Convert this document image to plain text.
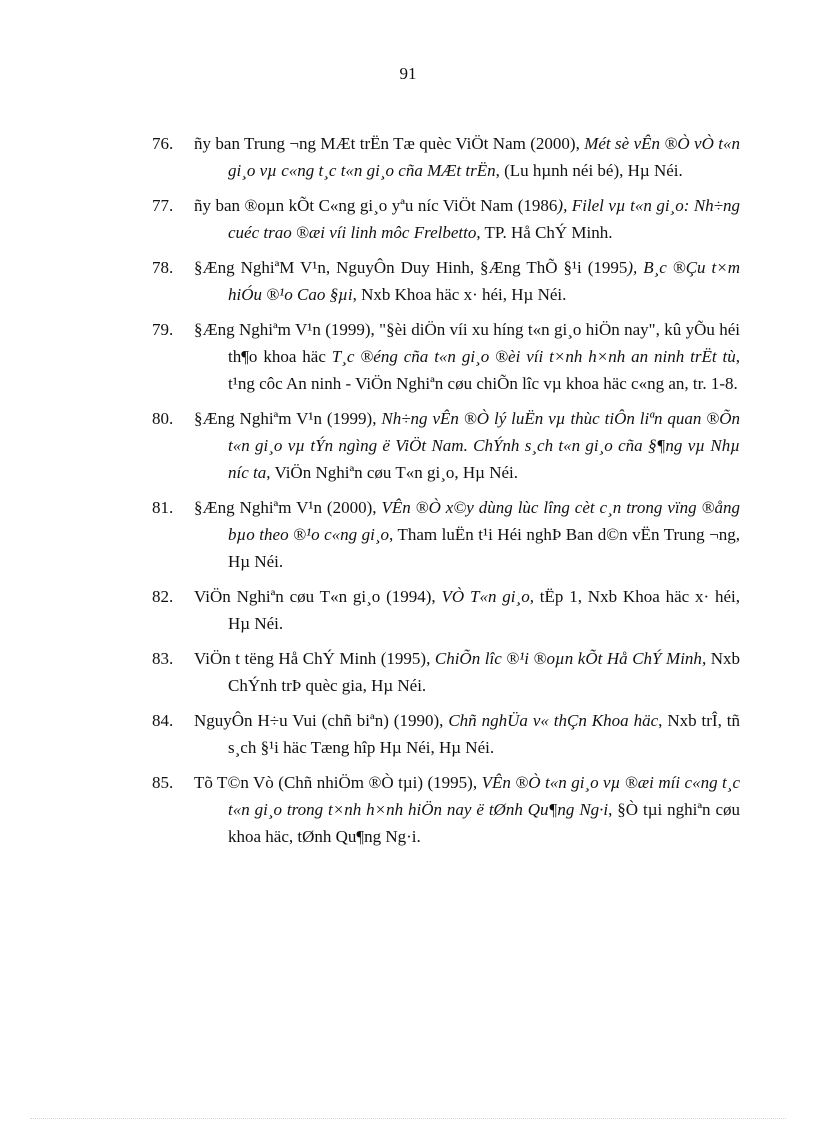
91

76.	ñy ban Trung ¬ng MÆt trËn Tæ quèc ViÖt Nam (2000), Mét sè vÊn ®Ò vÒ t«n gi¸o vµ c«ng t¸c t«n gi¸o cña MÆt trËn, (Lu hµnh néi bé), Hµ Néi.

77.	ñy ban ®oµn kÕt C«ng gi¸o yªu níc ViÖt Nam (1986), Filel vµ t«n gi¸o: Nh÷ng cuéc trao ®æi víi linh môc Frelbetto, TP. Hå ChÝ Minh.

78.	§Æng NghiªM V¹n, NguyÔn Duy Hinh, §Æng ThÕ §¹i (1995), B¸c ®Çu t×m hiÓu ®¹o Cao §µi, Nxb Khoa häc x· héi, Hµ Néi.

79.	§Æng Nghiªm V¹n (1999), "§èi diÖn víi xu híng t«n gi¸o hiÖn nay", kû yÕu héi th¶o khoa häc T¸c ®éng cña t«n gi¸o ®èi víi t×nh h×nh an ninh trËt tù, t¹ng côc An ninh - ViÖn Nghiªn cøu chiÕn lîc vµ khoa häc c«ng an, tr. 1-8.

80.	§Æng Nghiªm V¹n (1999), Nh÷ng vÊn ®Ò lý luËn vµ thùc tiÔn liªn quan ®Õn t«n gi¸o vµ tÝn ngìng ë ViÖt Nam. ChÝnh s¸ch t«n gi¸o cña §¶ng vµ Nhµ níc ta, ViÖn Nghiªn cøu T«n gi¸o, Hµ Néi.

81.	§Æng Nghiªm V¹n (2000), VÊn ®Ò x©y dùng lùc lîng cèt c¸n trong vïng ®ång bµo theo ®¹o c«ng gi¸o, Tham luËn t¹i Héi nghÞ Ban d©n vËn Trung ¬ng, Hµ Néi.

82.	ViÖn Nghiªn cøu T«n gi¸o (1994), VÒ T«n gi¸o, tËp 1, Nxb Khoa häc x· héi, Hµ Néi.

83.	ViÖn t tëng Hå ChÝ Minh (1995), ChiÕn lîc ®¹i ®oµn kÕt Hå ChÝ Minh, Nxb ChÝnh trÞ quèc gia, Hµ Néi.

84.	NguyÔn H÷u Vui (chñ biªn) (1990), Chñ nghÜa v« thÇn Khoa häc, Nxb trÎ, tñ s¸ch §¹i häc Tæng hîp Hµ Néi, Hµ Néi.

85.	Tõ T©n Vò (Chñ nhiÖm ®Ò tµi) (1995), VÊn ®Ò t«n gi¸o vµ ®æi míi c«ng t¸c t«n gi¸o trong t×nh h×nh hiÖn nay ë tØnh Qu¶ng Ng·i, §Ò tµi nghiªn cøu khoa häc, tØnh Qu¶ng Ng·i.
